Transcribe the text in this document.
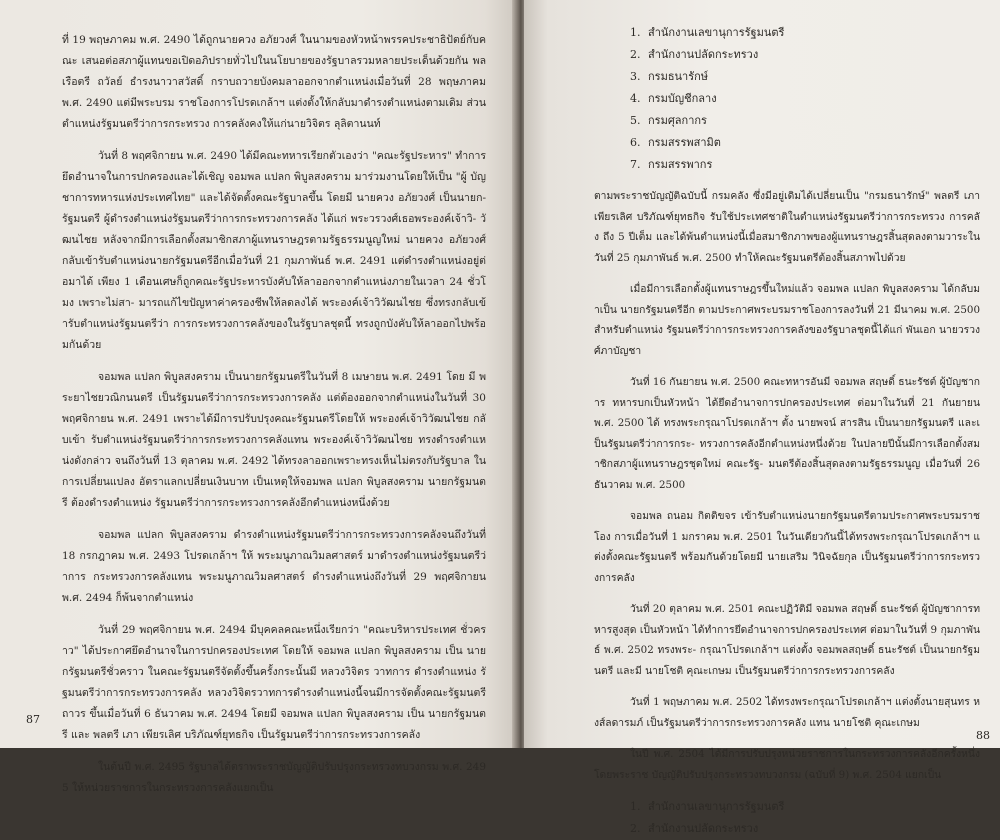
ที่ 19 พฤษภาคม พ.ศ. 2490 ได้ถูกนายควง อภัยวงศ์ ในนามของหัวหน้าพรรคประชาธิปัตย์กับคณะ เสนอต่อสภาผู้แทนขอเปิดอภิปรายทั่วไปในนโยบายของรัฐบาลรวมหลายประเด็นด้วยกัน พลเรือตรี ถวัลย์ ธำรงนาวาสวัสดิ์ กราบถวายบังคมลาออกจากตำแหน่งเมื่อวันที่ 28 พฤษภาคม พ.ศ. 2490 แต่มีพระบรม ราชโองการโปรดเกล้าฯ แต่งตั้งให้กลับมาดำรงตำแหน่งตามเดิม ส่วนตำแหน่งรัฐมนตรีว่าการกระทรวง การคลังคงให้แก่นายวิจิตร ลุลิตานนท์

วันที่ 8 พฤศจิกายน พ.ศ. 2490 ได้มีคณะทหารเรียกตัวเองว่า "คณะรัฐประหาร" ทำการยึดอำนาจในการปกครองและได้เชิญ จอมพล แปลก พิบูลสงคราม มาร่วมงานโดยให้เป็น "ผู้ บัญชาการทหารแห่งประเทศไทย" และได้จัดตั้งคณะรัฐบาลขึ้น โดยมี นายควง อภัยวงศ์ เป็นนายก- รัฐมนตรี ผู้ดำรงตำแหน่งรัฐมนตรีว่าการกระทรวงการคลัง ได้แก่ พระวรวงศ์เธอพระองค์เจ้าวิ- วัฒนไชย หลังจากมีการเลือกตั้งสมาชิกสภาผู้แทนราษฎรตามรัฐธรรมนูญใหม่ นายควง อภัยวงศ์ กลับเข้ารับตำแหน่งนายกรัฐมนตรีอีกเมื่อวันที่ 21 กุมภาพันธ์ พ.ศ. 2491 แต่ดำรงตำแหน่งอยู่ต่อมาได้ เพียง 1 เดือนเศษก็ถูกคณะรัฐประหารบังคับให้ลาออกจากตำแหน่งภายในเวลา 24 ชั่วโมง เพราะไม่สา- มารถแก้ไขปัญหาค่าครองชีพให้ลดลงได้ พระองค์เจ้าวิวัฒนไชย ซึ่งทรงกลับเข้ารับตำแหน่งรัฐมนตรีว่า การกระทรวงการคลังของในรัฐบาลชุดนี้ ทรงถูกบังคับให้ลาออกไปพร้อมกันด้วย

จอมพล แปลก พิบูลสงคราม เป็นนายกรัฐมนตรีในวันที่ 8 เมษายน พ.ศ. 2491 โดย มี พระยาไชยวณิกนนตรี เป็นรัฐมนตรีว่าการกระทรวงการคลัง แต่ต้องออกจากตำแหน่งในวันที่ 30 พฤศจิกายน พ.ศ. 2491 เพราะได้มีการปรับปรุงคณะรัฐมนตรีโดยให้ พระองค์เจ้าวิวัฒนไชย กลับเข้า รับตำแหน่งรัฐมนตรีว่าการกระทรวงการคลังแทน พระองค์เจ้าวิวัฒนไชย ทรงดำรงตำแหน่งดังกล่าว จนถึงวันที่ 13 ตุลาคม พ.ศ. 2492 ได้ทรงลาออกเพราะทรงเห็นไม่ตรงกับรัฐบาล ในการเปลี่ยนแปลง อัตราแลกเปลี่ยนเงินบาท เป็นเหตุให้จอมพล แปลก พิบูลสงคราม นายกรัฐมนตรี ต้องดำรงตำแหน่ง รัฐมนตรีว่าการกระทรวงการคลังอีกตำแหน่งหนึ่งด้วย

จอมพล แปลก พิบูลสงคราม ดำรงตำแหน่งรัฐมนตรีว่าการกระทรวงการคลังจนถึงวันที่ 18 กรกฎาคม พ.ศ. 2493 โปรดเกล้าฯ ให้ พระมนูภาณวิมลศาสตร์ มาดำรงตำแหน่งรัฐมนตรีว่าการ กระทรวงการคลังแทน พระมนูภาณวิมลศาสตร์ ดำรงตำแหน่งถึงวันที่ 29 พฤศจิกายน พ.ศ. 2494 ก็พ้นจากตำแหน่ง

วันที่ 29 พฤศจิกายน พ.ศ. 2494 มีบุคคลคณะหนึ่งเรียกว่า "คณะบริหารประเทศ ชั่วคราว" ได้ประกาศยึดอำนาจในการปกครองประเทศ โดยให้ จอมพล แปลก พิบูลสงคราม เป็น นายกรัฐมนตรีชั่วคราว ในคณะรัฐมนตรีจัดตั้งขึ้นครั้งกระนั้นมี หลวงวิจิตร วาทการ ดำรงตำแหน่ง รัฐมนตรีว่าการกระทรวงการคลัง หลวงวิจิตรวาทการดำรงตำแหน่งนี้จนมีการจัดตั้งคณะรัฐมนตรีถาวร ขึ้นเมื่อวันที่ 6 ธันวาคม พ.ศ. 2494 โดยมี จอมพล แปลก พิบูลสงคราม เป็น นายกรัฐมนตรี และ พลตรี เภา เพียรเลิศ บริภัณฑ์ยุทธกิจ เป็นรัฐมนตรีว่าการกระทรวงการคลัง

ในต้นปี พ.ศ. 2495 รัฐบาลได้ตราพระราชบัญญัติปรับปรุงกระทรวงทบวงกรม พ.ศ. 2495 ให้หน่วยราชการในกระทรวงการคลังแยกเป็น

87
1. สำนักงานเลขานุการรัฐมนตรี
2. สำนักงานปลัดกระทรวง
3. กรมธนารักษ์
4. กรมบัญชีกลาง
5. กรมศุลกากร
6. กรมสรรพสามิต
7. กรมสรรพากร

ตามพระราชบัญญัติฉบับนี้ กรมคลัง ซึ่งมีอยู่เดิมได้เปลี่ยนเป็น "กรมธนารักษ์" พลตรี เภา เพียรเลิศ บริภัณฑ์ยุทธกิจ รับใช้ประเทศชาติในตำแหน่งรัฐมนตรีว่าการกระทรวง การคลัง ถึง 5 ปีเต็ม และได้พ้นตำแหน่งนี้เมื่อสมาชิกภาพของผู้แทนราษฎรสิ้นสุดลงตามวาระในวันที่ 25 กุมภาพันธ์ พ.ศ. 2500 ทำให้คณะรัฐมนตรีต้องสิ้นสภาพไปด้วย

เมื่อมีการเลือกตั้งผู้แทนราษฎรขึ้นใหม่แล้ว จอมพล แปลก พิบูลสงคราม ได้กลับมาเป็น นายกรัฐมนตรีอีก ตามประกาศพระบรมราชโองการลงวันที่ 21 มีนาคม พ.ศ. 2500 สำหรับตำแหน่ง รัฐมนตรีว่าการกระทรวงการคลังของรัฐบาลชุดนี้ได้แก่ พันเอก นายวรวงศ์ภาบัญชา

วันที่ 16 กันยายน พ.ศ. 2500 คณะทหารอันมี จอมพล สฤษดิ์ ธนะรัชต์ ผู้บัญชาการ ทหารบกเป็นหัวหน้า ได้ยึดอำนาจการปกครองประเทศ ต่อมาในวันที่ 21 กันยายน พ.ศ. 2500 ได้ ทรงพระกรุณาโปรดเกล้าฯ ตั้ง นายพจน์ สารสิน เป็นนายกรัฐมนตรี และเป็นรัฐมนตรีว่าการกระ- ทรวงการคลังอีกตำแหน่งหนึ่งด้วย ในปลายปีนั้นมีการเลือกตั้งสมาชิกสภาผู้แทนราษฎรชุดใหม่ คณะรัฐ- มนตรีต้องสิ้นสุดลงตามรัฐธรรมนูญ เมื่อวันที่ 26 ธันวาคม พ.ศ. 2500

จอมพล ถนอม กิตติขจร เข้ารับตำแหน่งนายกรัฐมนตรีตามประกาศพระบรมราชโอง การเมื่อวันที่ 1 มกราคม พ.ศ. 2501 ในวันเดียวกันนี้ได้ทรงพระกรุณาโปรดเกล้าฯ แต่งตั้งคณะรัฐมนตรี พร้อมกันด้วยโดยมี นายเสริม วินิจฉัยกุล เป็นรัฐมนตรีว่าการกระทรวงการคลัง

วันที่ 20 ตุลาคม พ.ศ. 2501 คณะปฏิวัติมี จอมพล สฤษดิ์ ธนะรัชต์ ผู้บัญชาการทหารสูงสุด เป็นหัวหน้า ได้ทำการยึดอำนาจการปกครองประเทศ ต่อมาในวันที่ 9 กุมภาพันธ์ พ.ศ. 2502 ทรงพระ- กรุณาโปรดเกล้าฯ แต่งตั้ง จอมพลสฤษดิ์ ธนะรัชต์ เป็นนายกรัฐมนตรี และมี นายโชติ คุณะเกษม เป็นรัฐมนตรีว่าการกระทรวงการคลัง

วันที่ 1 พฤษภาคม พ.ศ. 2502 ได้ทรงพระกรุณาโปรดเกล้าฯ แต่งตั้งนายสุนทร หงส์ลดารมภ์ เป็นรัฐมนตรีว่าการกระทรวงการคลัง แทน นายโชติ คุณะเกษม

ในปี พ.ศ. 2504 ได้มีการปรับปรุงหน่วยราชการในกระทรวงการคลังอีกครั้งหนึ่งโดยพระราช บัญญัติปรับปรุงกระทรวงทบวงกรม (ฉบับที่ 9) พ.ศ. 2504 แยกเป็น

1. สำนักงานเลขานุการรัฐมนตรี
2. สำนักงานปลัดกระทรวง
88
